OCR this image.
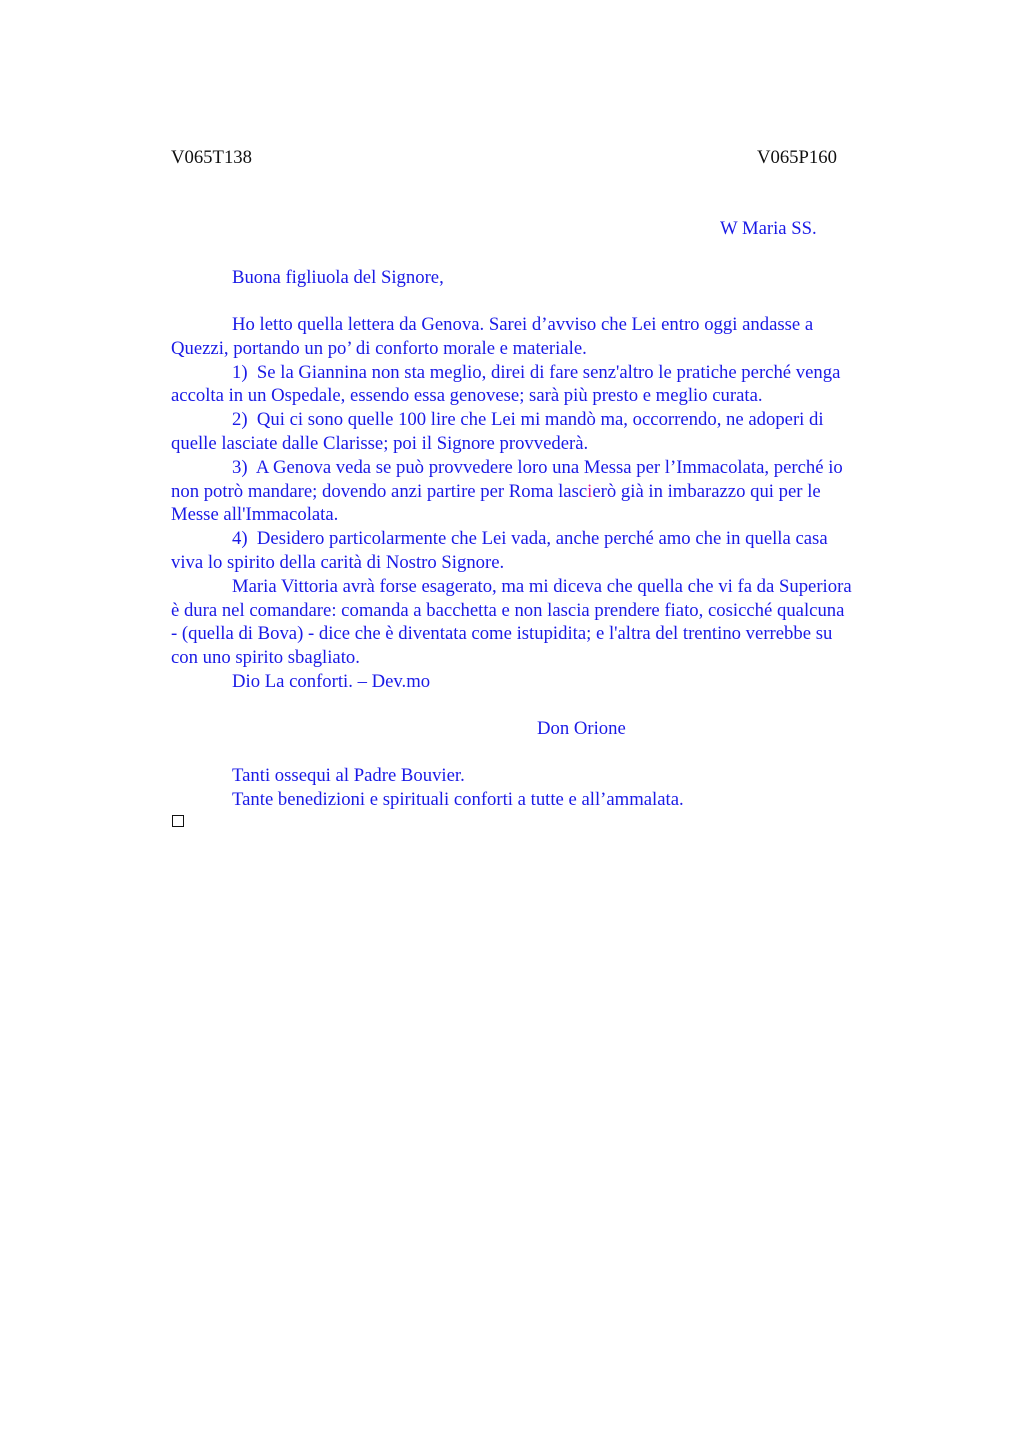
V065T138	V065P160
W Maria SS.
Buona figliuola del Signore,
Ho letto quella lettera da Genova. Sarei d’avviso che Lei entro oggi andasse a
Quezzi, portando un po’ di conforto morale e materiale.
1)  Se la Giannina non sta meglio, direi di fare senz'altro le pratiche perché venga
accolta in un Ospedale, essendo essa genovese; sarà più presto e meglio curata.
2)  Qui ci sono quelle 100 lire che Lei mi mandò ma, occorrendo, ne adoperi di
quelle lasciate dalle Clarisse; poi il Signore provvederà.
3)  A Genova veda se può provvedere loro una Messa per l’Immacolata, perché io
non potrò mandare; dovendo anzi partire per Roma lascierò già in imbarazzo qui per le
Messe all'Immacolata.
4)  Desidero particolarmente che Lei vada, anche perché amo che in quella casa
viva lo spirito della carità di Nostro Signore.
Maria Vittoria avrà forse esagerato, ma mi diceva che quella che vi fa da Superiora
è dura nel comandare: comanda a bacchetta e non lascia prendere fiato, cosicché qualcuna
- (quella di Bova) - dice che è diventata come istupidita; e l'altra del trentino verrebbe su
con uno spirito sbagliato.
Dio La conforti. – Dev.mo
Don Orione
Tanti ossequi al Padre Bouvier.
Tante benedizioni e spirituali conforti a tutte e all’ammalata.
